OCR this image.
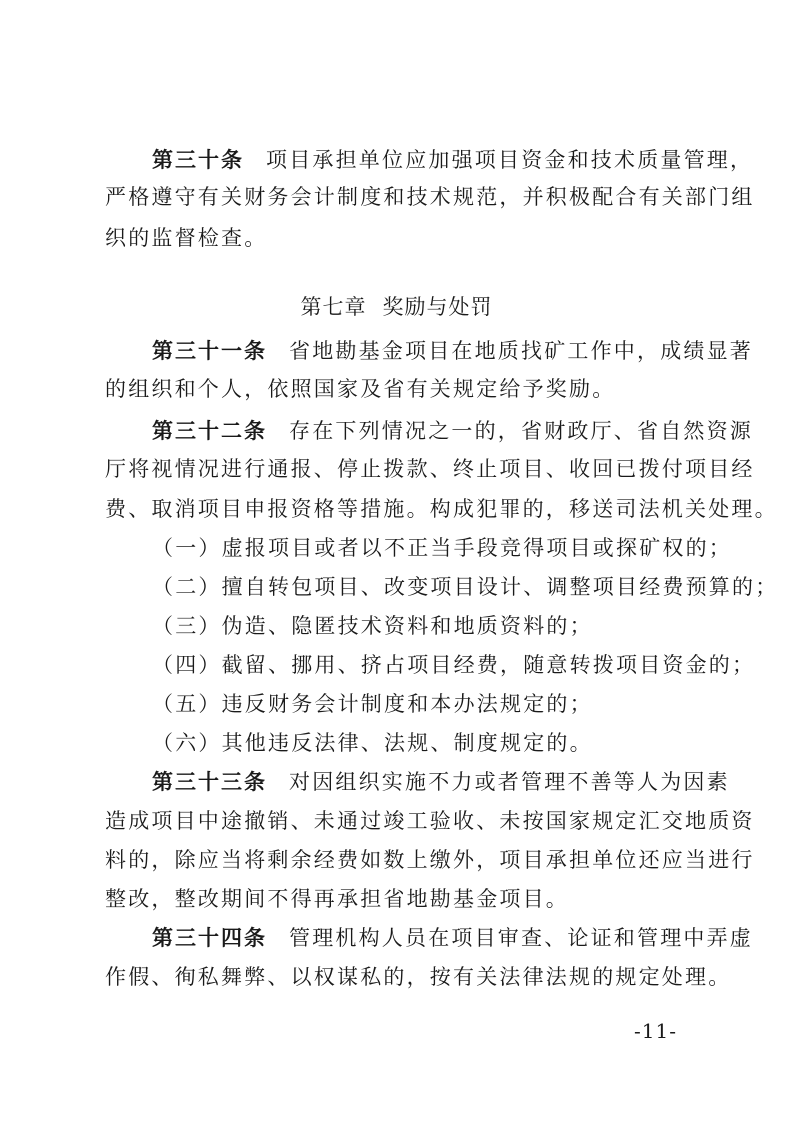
第三十条 项目承担单位应加强项目资金和技术质量管理，
严格遵守有关财务会计制度和技术规范，并积极配合有关部门组
织的监督检查。
第七章 奖励与处罚
第三十一条 省地勘基金项目在地质找矿工作中，成绩显著
的组织和个人，依照国家及省有关规定给予奖励。
第三十二条 存在下列情况之一的，省财政厅、省自然资源
厅将视情况进行通报、停止拨款、终止项目、收回已拨付项目经
费、取消项目申报资格等措施。构成犯罪的，移送司法机关处理。
（一）虚报项目或者以不正当手段竞得项目或探矿权的；
（二）擅自转包项目、改变项目设计、调整项目经费预算的；
（三）伪造、隐匿技术资料和地质资料的；
（四）截留、挪用、挤占项目经费，随意转拨项目资金的；
（五）违反财务会计制度和本办法规定的；
（六）其他违反法律、法规、制度规定的。
第三十三条 对因组织实施不力或者管理不善等人为因素
造成项目中途撤销、未通过竣工验收、未按国家规定汇交地质资
料的，除应当将剩余经费如数上缴外，项目承担单位还应当进行
整改，整改期间不得再承担省地勘基金项目。
第三十四条 管理机构人员在项目审查、论证和管理中弄虚
作假、徇私舞弊、以权谋私的，按有关法律法规的规定处理。
-11-
